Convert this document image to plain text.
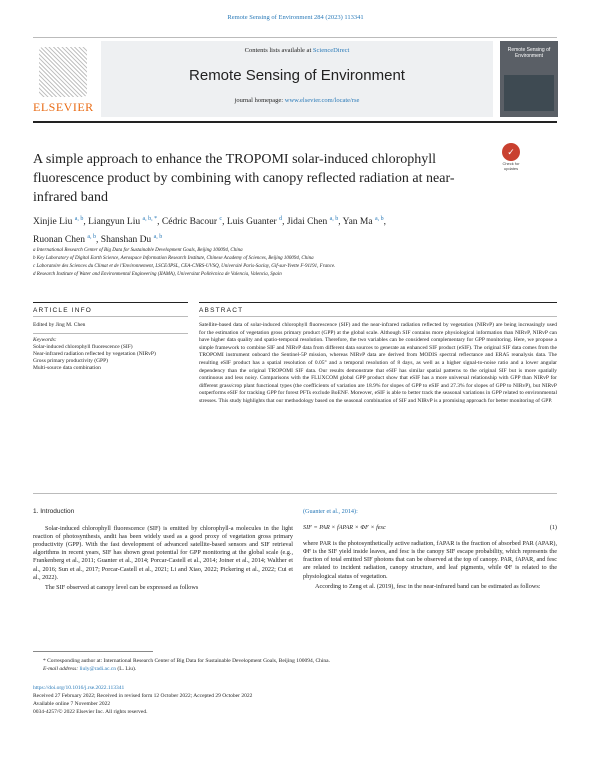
Remote Sensing of Environment 284 (2023) 113341
ELSEVIER
Contents lists available at ScienceDirect
Remote Sensing of Environment
journal homepage: www.elsevier.com/locate/rse
Remote Sensing of Environment
A simple approach to enhance the TROPOMI solar-induced chlorophyll fluorescence product by combining with canopy reflected radiation at near-infrared band
✓
Check for updates
Xinjie Liu $^{a, b}$, Liangyun Liu $^{a, b, *}$, Cédric Bacour $^c$, Luis Guanter $^d$, Jidai Chen $^{a, b}$, Yan Ma $^{a, b}$,
Ruonan Chen $^{a, b}$, Shanshan Du $^{a, b}$
a International Research Center of Big Data for Sustainable Development Goals, Beijing 100094, China
b Key Laboratory of Digital Earth Science, Aerospace Information Research Institute, Chinese Academy of Sciences, Beijing 100094, China
c Laboratoire des Sciences du Climat et de l'Environnement, LSCE/IPSL, CEA-CNRS-UVSQ, Université Paris-Saclay, Gif-sur-Yvette F-91191, France.
d Research Institute of Water and Environmental Engineering (IIAMA), Universitat Politècnica de Valencia, Valencia, Spain
ARTICLE INFO	ABSTRACT
Edited by Jing M. Chen
Keywords:
Solar-induced chlorophyll fluorescence (SIF)
Near-infrared radiation reflected by vegetation (NIRvP)
Gross primary productivity (GPP)
Multi-source data combination
Satellite-based data of solar-induced chlorophyll fluorescence (SIF) and the near-infrared radiation reflected by vegetation (NIRvP) are being increasingly used for the estimation of vegetation gross primary product (GPP) at the global scale. Although SIF contains more physiological information than NIRvP, NIRvP can have higher data quality and spatio-temporal resolution. Therefore, the two variables can be considered complementary for GPP monitoring. Here, we propose a simple framework to combine SIF and NIRvP data from different data sources to generate an enhanced SIF product (eSIF). The original SIF data comes from the TROPOMI instrument onboard the Sentinel-5P mission, whereas NIRvP data are derived from MODIS spectral reflectance and ERA5 reanalysis data. The resulting eSIF product has a spatial resolution of 0.05° and a temporal resolution of 8 days, as well as a higher signal-to-noise ratio and a lower angular dependency than the original TROPOMI SIF data. Our results demonstrate that eSIF has similar spatial patterns to the original SIF but is more spatially continuous and less noisy. Comparisons with the FLUXCOM global GPP product show that eSIF has a more universal relationship with GPP than NIRvP for different grass/crop plant functional types (the coefficients of variation are 18.9% for slopes of GPP to eSIF and 27.3% for slopes of GPP to NIRvP), but NIRvP outperforms eSIF for tracking GPP for forest PFTs exclude BoENF. Moreover, eSIF is able to better track the seasonal variations in GPP related to environmental stresses. This study highlights that our methodology based on the seasonal combination of SIF and NIRvP is a promising approach for better monitoring of GPP.
1. Introduction

Solar-induced chlorophyll fluorescence (SIF) is emitted by chlorophyll-a molecules in the light reaction of photosynthesis, andit has been widely used as a good proxy of vegetation gross primary productivity (GPP). With the fast development of advanced satellite-based sensors and SIF retrieval algorithms in recent years, SIF has shown great potential for GPP monitoring at the global scale (e.g., Frankenberg et al., 2011; Guanter et al., 2014; Porcar-Castell et al., 2014; Joiner et al., 2014; Walther et al., 2016; Sun et al., 2017; Porcar-Castell et al., 2021; Li and Xiao, 2022; Pickering et al., 2022; Cui et al., 2022).

The SIF observed at canopy level can be expressed as follows

(Guanter et al., 2014):
SIF = PAR × fAPAR × ΦF × fesc	(1)

where PAR is the photosynthetically active radiation, fAPAR is the fraction of absorbed PAR (APAR), ΦF is the SIF yield inside leaves, and fesc is the canopy SIF escape probability, which represents the fraction of total emitted SIF photons that can be observed at the top of canopy. PAR, fAPAR, and fesc are related to incident radiation, canopy structure, and leaf pigments, while ΦF is related to the physiological status of vegetation.

According to Zeng et al. (2019), fesc in the near-infrared band can be estimated as follows:

* Corresponding author at: International Research Center of Big Data for Sustainable Development Goals, Beijing 100094, China.
E-mail address: liuly@radi.ac.cn (L. Liu).
https://doi.org/10.1016/j.rse.2022.113341
Received 27 February 2022; Received in revised form 12 October 2022; Accepted 29 October 2022
Available online 7 November 2022
0034-4257/© 2022 Elsevier Inc. All rights reserved.
